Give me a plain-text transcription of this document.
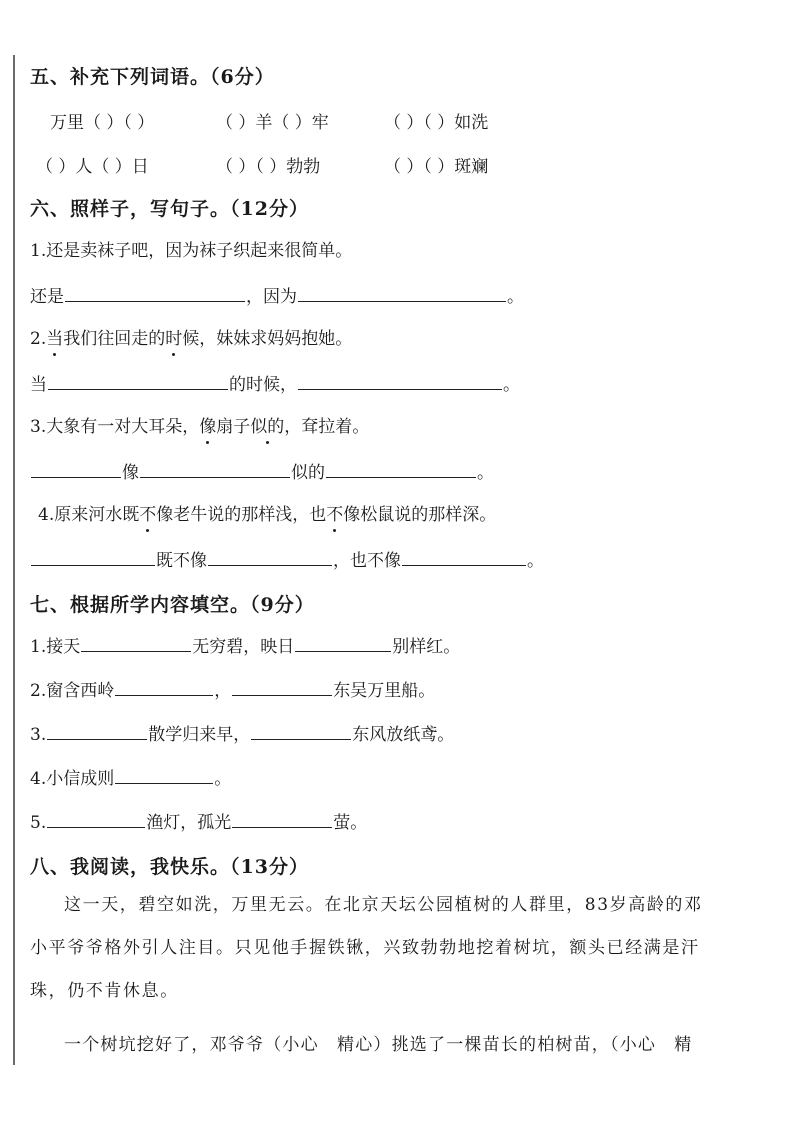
五、补充下列词语。（6分）
万里（ ）（ ）	（ ）羊（ ）牢	（ ）（ ）如洗
（ ）人（ ）日	（ ）（ ）勃勃	（ ）（ ）斑斓
六、照样子，写句子。（12分）
1.还是卖袜子吧，因为袜子织起来很简单。
还是	，因为	。
2.当我们往回走的时候，妹妹求妈妈抱她。
当	的时候，	。
3.大象有一对大耳朵，像扇子似的，耷拉着。
像	似的	。
4.原来河水既不像老牛说的那样浅，也不像松鼠说的那样深。
既不像	，也不像	。
七、根据所学内容填空。（9分）
1.接天	无穷碧，映日	别样红。
2.窗含西岭	，	东吴万里船。
3.	散学归来早，	东风放纸鸢。
4.小信成则	。
5.	渔灯，孤光	萤。
八、我阅读，我快乐。（13分）
这一天，碧空如洗，万里无云。在北京天坛公园植树的人群里，83岁高龄的邓小平爷爷格外引人注目。只见他手握铁锹，兴致勃勃地挖着树坑，额头已经满是汗珠，仍不肯休息。
一个树坑挖好了，邓爷爷（小心　精心）挑选了一棵苗长的柏树苗，（小心　精
